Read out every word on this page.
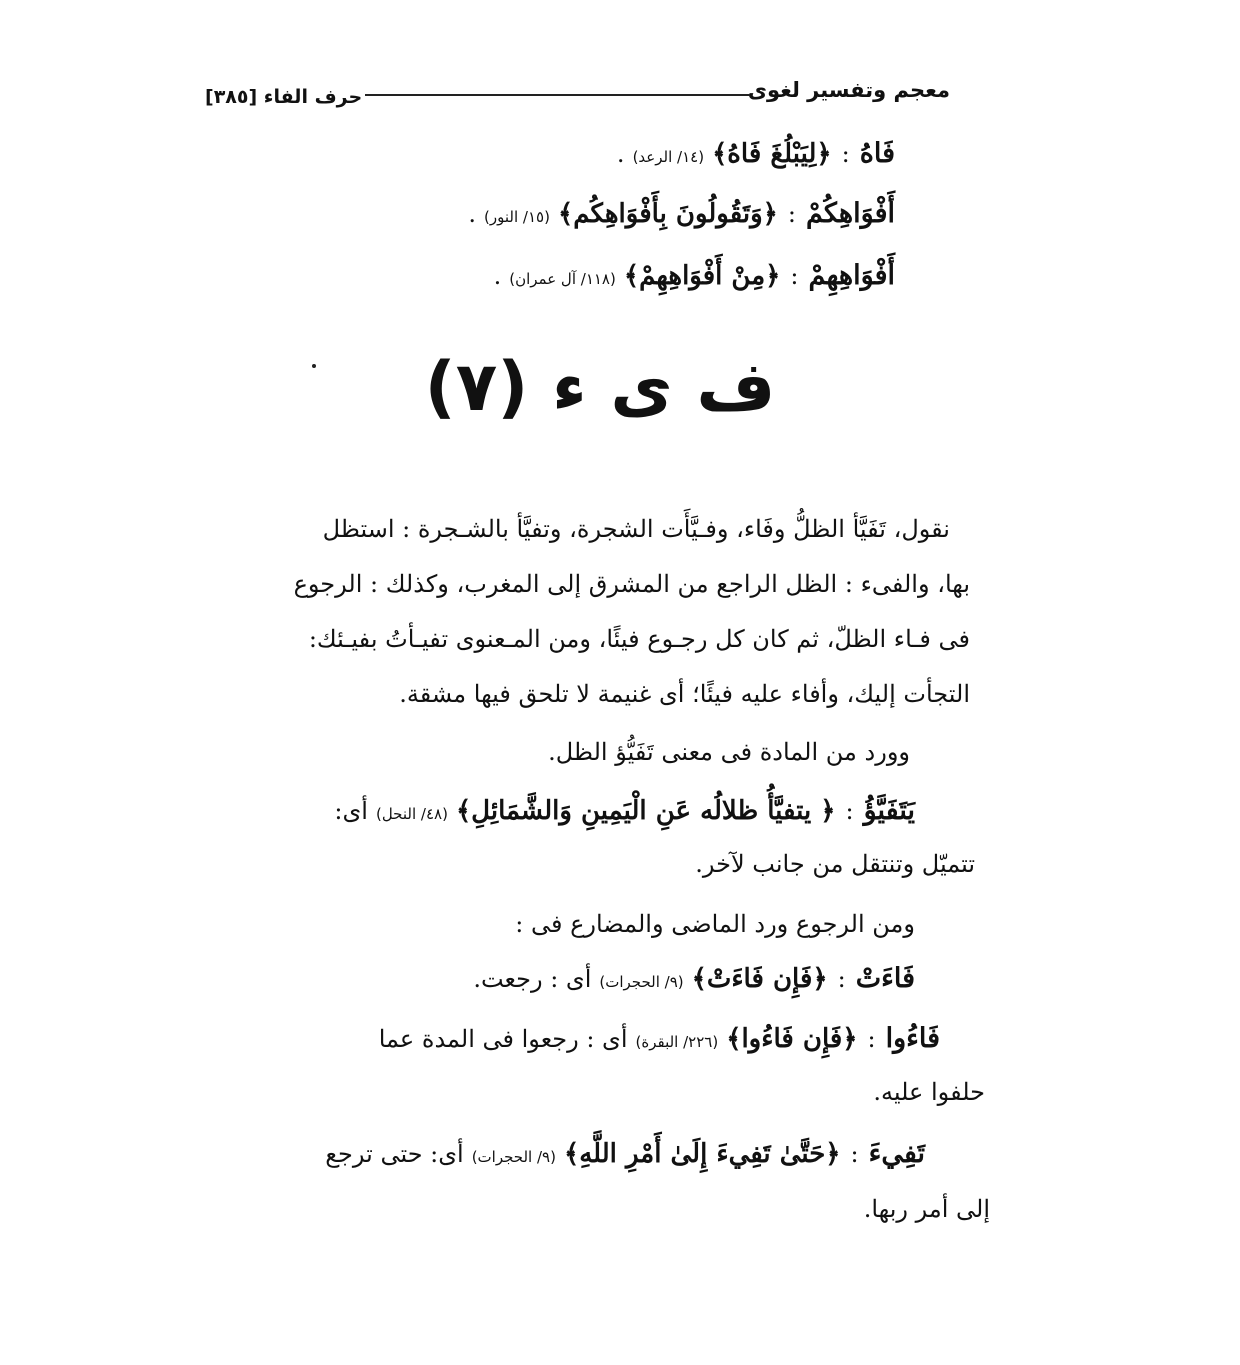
معجم وتفسير لغوى
حرف الفاء [٣٨٥]
فَاهُ:﴿لِيَبْلُغَ فَاهُ﴾(١٤/ الرعد).
أَفْوَاهِكُمْ:﴿وَتَقُولُونَ بِأَفْوَاهِكُم﴾(١٥/ النور).
أَفْوَاهِهِمْ:﴿مِنْ أَفْوَاهِهِمْ﴾(١١٨/ آل عمران).
ف ى ء (٧)
نقول، تَفَيَّأ الظلُّ وفَاء، وفـيَّأَت الشجرة، وتفيَّأ بالشـجرة : استظل
بها، والفىء : الظل الراجع من المشرق إلى المغرب، وكذلك : الرجوع
فى فـاء الظلّ، ثم كان كل رجـوع فيئًا، ومن المـعنوى تفيـأتُ بفيـئك:
التجأت إليك، وأفاء عليه فيئًا؛ أى غنيمة لا تلحق فيها مشقة.
وورد من المادة فى معنى تَفَيُّؤ الظل.
يَتَفَيَّؤُ:﴿ يتفيَّأُ ظلالُه عَنِ الْيَمِينِ وَالشَّمَائِلِ﴾(٤٨/ النحل)أى:
تتميّل وتنتقل من جانب لآخر.
ومن الرجوع ورد الماضى والمضارع فى :
فَاءَتْ:﴿فَإِن فَاءَتْ﴾(٩/ الحجرات)أى : رجعت.
فَاءُوا:﴿فَإِن فَاءُوا﴾(٢٢٦/ البقرة)أى : رجعوا فى المدة عما
حلفوا عليه.
تَفِيءَ:﴿حَتَّىٰ تَفِيءَ إِلَىٰ أَمْرِ اللَّهِ﴾(٩/ الحجرات)أى: حتى ترجع
إلى أمر ربها.
